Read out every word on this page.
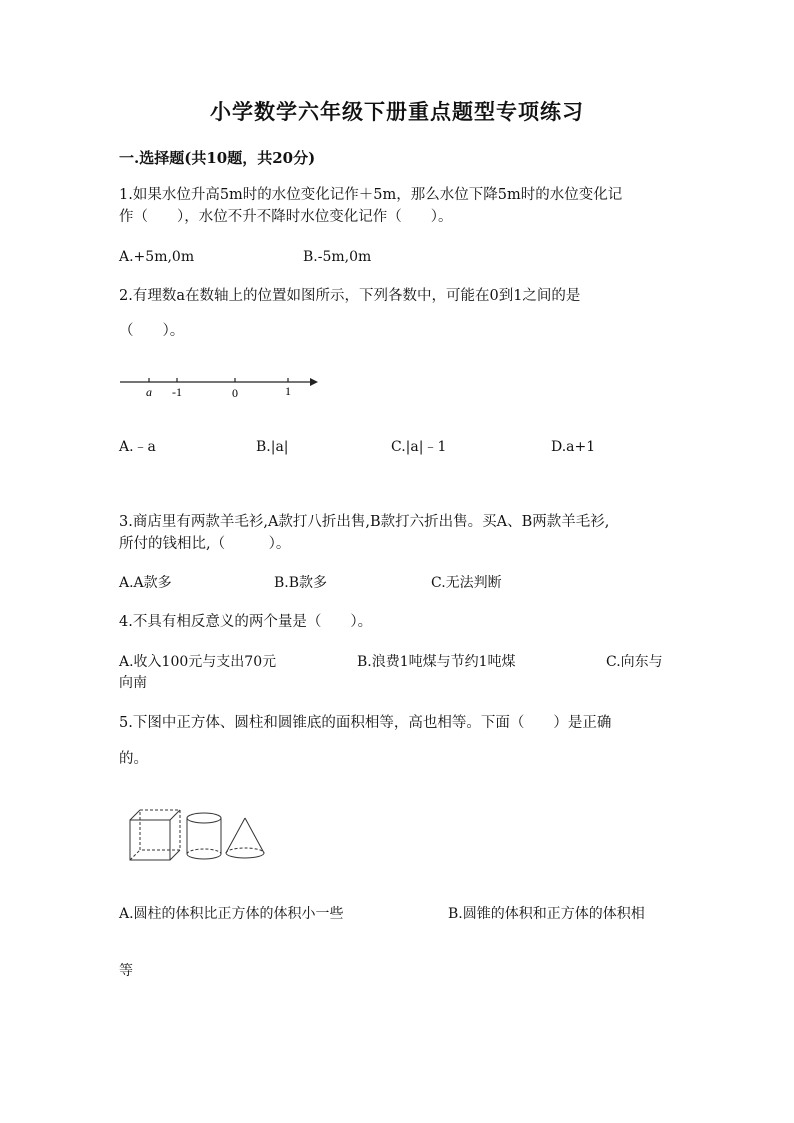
小学数学六年级下册重点题型专项练习
一.选择题(共10题，共20分)
1.如果水位升高5m时的水位变化记作＋5m，那么水位下降5m时的水位变化记
作（　　），水位不升不降时水位变化记作（　　）。
A.+5m,0m	B.-5m,0m
2.有理数a在数轴上的位置如图所示，下列各数中，可能在0到1之间的是
（　　）。
a -1	0	1
A.﹣a	B.|a|	C.|a|﹣1	D.a+1
3.商店里有两款羊毛衫,A款打八折出售,B款打六折出售。买A、B两款羊毛衫,
所付的钱相比,（　　　）。
A.A款多	B.B款多	C.无法判断
4.不具有相反意义的两个量是（　　）。
A.收入100元与支出70元	B.浪费1吨煤与节约1吨煤	C.向东与
向南
5.下图中正方体、圆柱和圆锥底的面积相等，高也相等。下面（　　）是正确
的。
A.圆柱的体积比正方体的体积小一些	B.圆锥的体积和正方体的体积相
等
